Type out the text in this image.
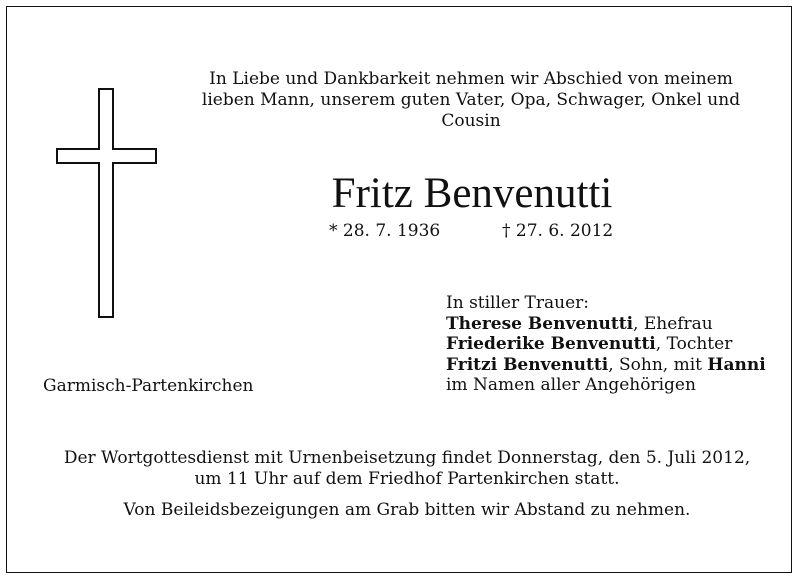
In Liebe und Dankbarkeit nehmen wir Abschied von meinem
lieben Mann, unserem guten Vater, Opa, Schwager, Onkel und
Cousin
Fritz Benvenutti
* 28. 7. 1936	† 27. 6. 2012
In stiller Trauer:
Therese Benvenutti, Ehefrau
Friederike Benvenutti, Tochter
Fritzi Benvenutti, Sohn, mit Hanni
im Namen aller Angehörigen
Garmisch-Partenkirchen
Der Wortgottesdienst mit Urnenbeisetzung findet Donnerstag, den 5. Juli 2012,
um 11 Uhr auf dem Friedhof Partenkirchen statt.
Von Beileidsbezeigungen am Grab bitten wir Abstand zu nehmen.
